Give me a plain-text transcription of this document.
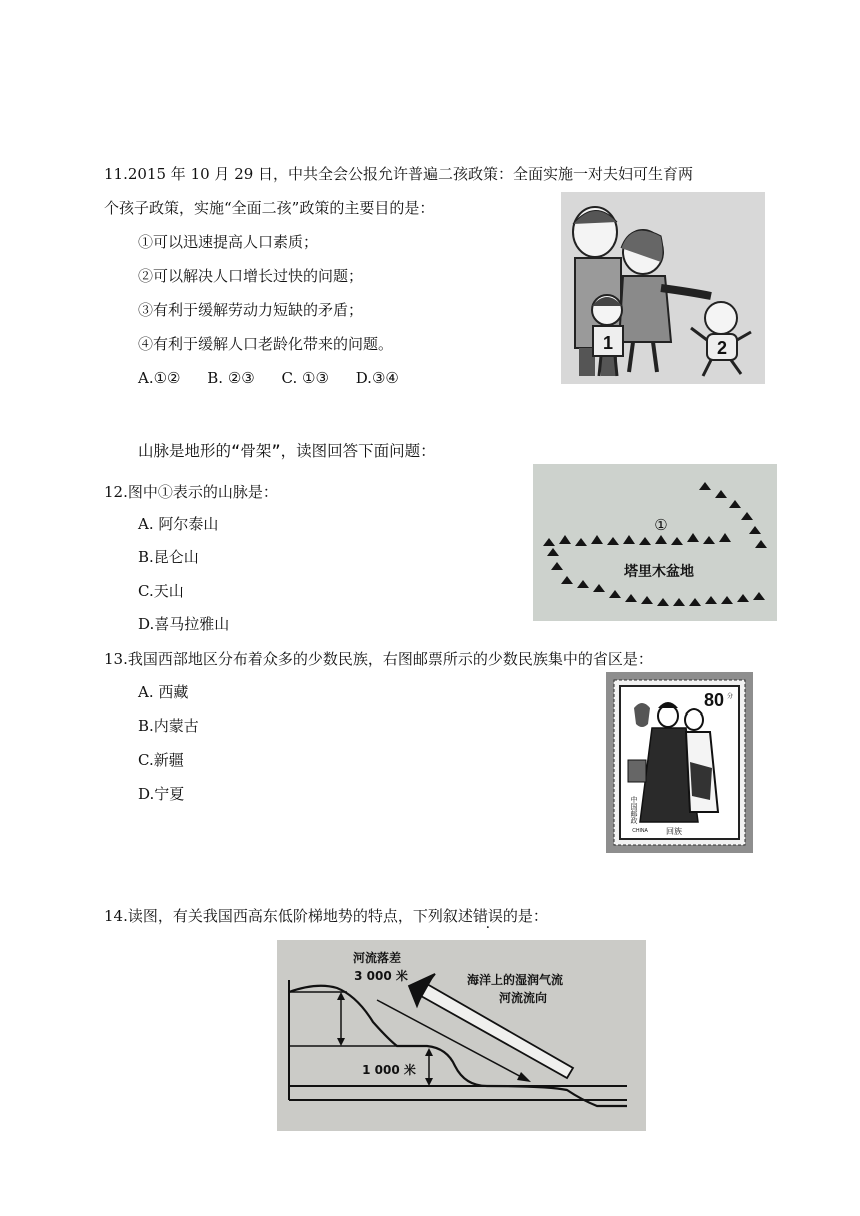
11.2015 年 10 月 29 日，中共全会公报允许普遍二孩政策：全面实施一对夫妇可生育两
个孩子政策，实施“全面二孩”政策的主要目的是：
①可以迅速提高人口素质；
②可以解决人口增长过快的问题；
③有利于缓解劳动力短缺的矛盾；
④有利于缓解人口老龄化带来的问题。
A.①② B. ②③ C. ①③ D.③④
1	2
山脉是地形的“骨架”，读图回答下面问题：
12.图中①表示的山脉是：
A. 阿尔泰山
B.昆仑山
C.天山
D.喜马拉雅山
①
塔里木盆地
13.我国西部地区分布着众多的少数民族，右图邮票所示的少数民族集中的省区是：
A. 西藏
B.内蒙古
C.新疆
D.宁夏
80 分
中国邮政
CHINA 回族
14.读图，有关我国西高东低阶梯地势的特点，下列叙述错误的是：
河流落差
3 000 米
1 000 米
海洋上的湿润气流
河流流向
